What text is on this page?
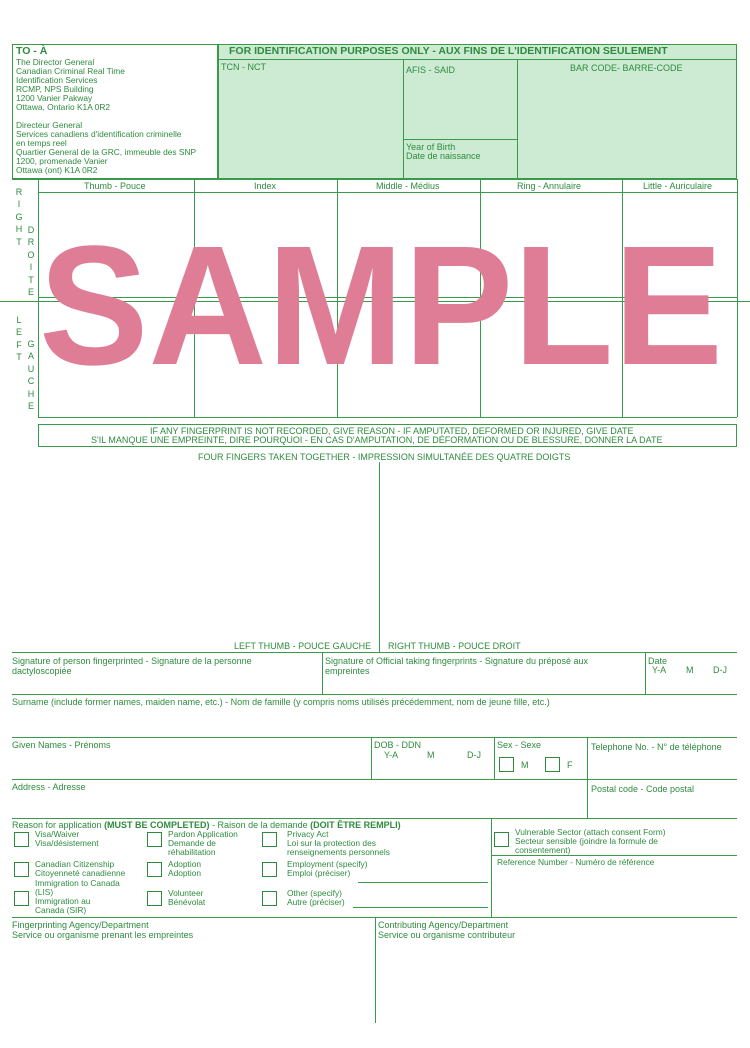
TO - À
The Director General
Canadian Criminal Real Time
Identification Services
RCMP, NPS Building
1200 Vanier Pakway
Ottawa, Ontario K1A 0R2
Directeur General
Services canadiens d'identification criminelle
en temps reel
Quartier General de la GRC, immeuble des SNP
1200, promenade Vanier
Ottawa (ont) K1A 0R2
FOR IDENTIFICATION PURPOSES ONLY - AUX FINS DE L'IDENTIFICATION SEULEMENT
TCN - NCT	AFIS - SAID	BAR CODE- BARRE-CODE
Year of Birth
Date de naissance
Thumb - Pouce	Index	Middle - Médius	Ring - Annulaire	Little - Auriculaire
R
I
G
H
T
D
R
O
I
T
E
L
E
F
T
G
A
U
C
H
E
SAMPLE
IF ANY FINGERPRINT IS NOT RECORDED, GIVE REASON - IF AMPUTATED, DEFORMED OR INJURED, GIVE DATE
S'IL MANQUE UNE EMPREINTE, DIRE POURQUOI - EN CAS D'AMPUTATION, DE DÉFORMATION OU DE BLESSURE, DONNER LA DATE
FOUR FINGERS TAKEN TOGETHER - IMPRESSION SIMULTANÉE DES QUATRE DOIGTS
LEFT THUMB - POUCE GAUCHE RIGHT THUMB - POUCE DROIT
Signature of person fingerprinted - Signature de la personne
dactyloscopiée
Signature of Official taking fingerprints - Signature du préposé aux
empreintes
Date
Y-A M D-J
Surname (include former names, maiden name, etc.) - Nom de famille (y compris noms utilisés précédemment, nom de jeune fille, etc.)
Given Names - Prénoms	DOB - DDN
Y-A	M	D-J
Sex - Sexe
M	F
Telephone No. - N° de téléphone
Address - Adresse	Postal code - Code postal
Reason for application (MUST BE COMPLETED) - Raison de la demande (DOIT ÊTRE REMPLI)
Visa/Waiver
Visa/désistement
Canadian Citizenship
Citoyenneté canadienne
Immigration to Canada
(LIS)
Immigration au
Canada (SIR)
Pardon Application
Demande de
réhabilitation
Adoption
Adoption
Volunteer
Bénévolat
Privacy Act
Loi sur la protection des
renseignements personnels
Employment (specify)
Emploi (préciser)
Other (specify)
Autre (préciser)
Vulnerable Sector (attach consent Form)
Secteur sensible (joindre la formule de
consentement)
Reference Number - Numéro de référence
Fingerprinting Agency/Department
Service ou organisme prenant les empreintes
Contributing Agency/Department
Service ou organisme contributeur
